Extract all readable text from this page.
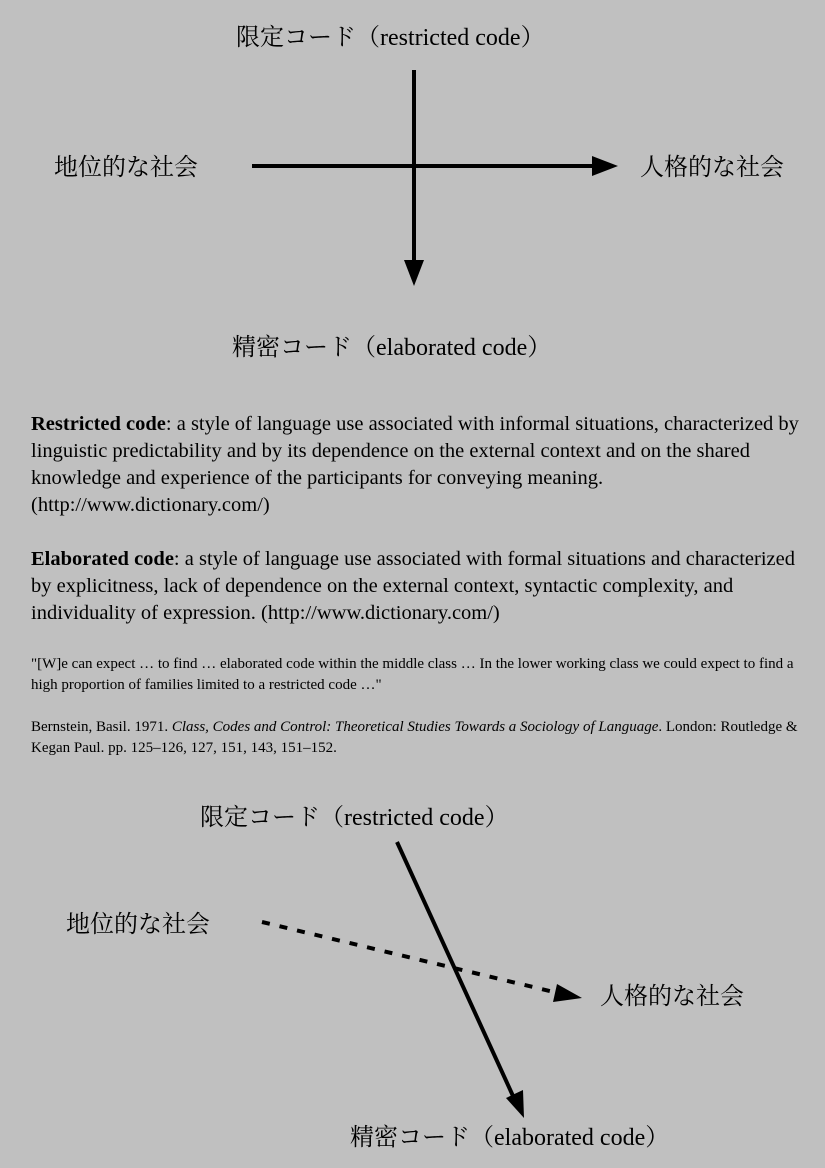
限定コード（restricted code）
地位的な社会	人格的な社会
精密コード（elaborated code）

Restricted code: a style of language use associated with informal situations, characterized by linguistic predictability and by its dependence on the external context and on the shared knowledge and experience of the participants for conveying meaning. (http://www.dictionary.com/)

Elaborated code: a style of language use associated with formal situations and characterized by explicitness, lack of dependence on the external context, syntactic complexity, and individuality of expression. (http://www.dictionary.com/)

"[W]e can expect … to find … elaborated code within the middle class … In the lower working class we could expect to find a high proportion of families limited to a restricted code …"

Bernstein, Basil. 1971. Class, Codes and Control: Theoretical Studies Towards a Sociology of Language. London: Routledge & Kegan Paul. pp. 125–126, 127, 151, 143, 151–152.

限定コード（restricted code）
地位的な社会
人格的な社会
精密コード（elaborated code）
